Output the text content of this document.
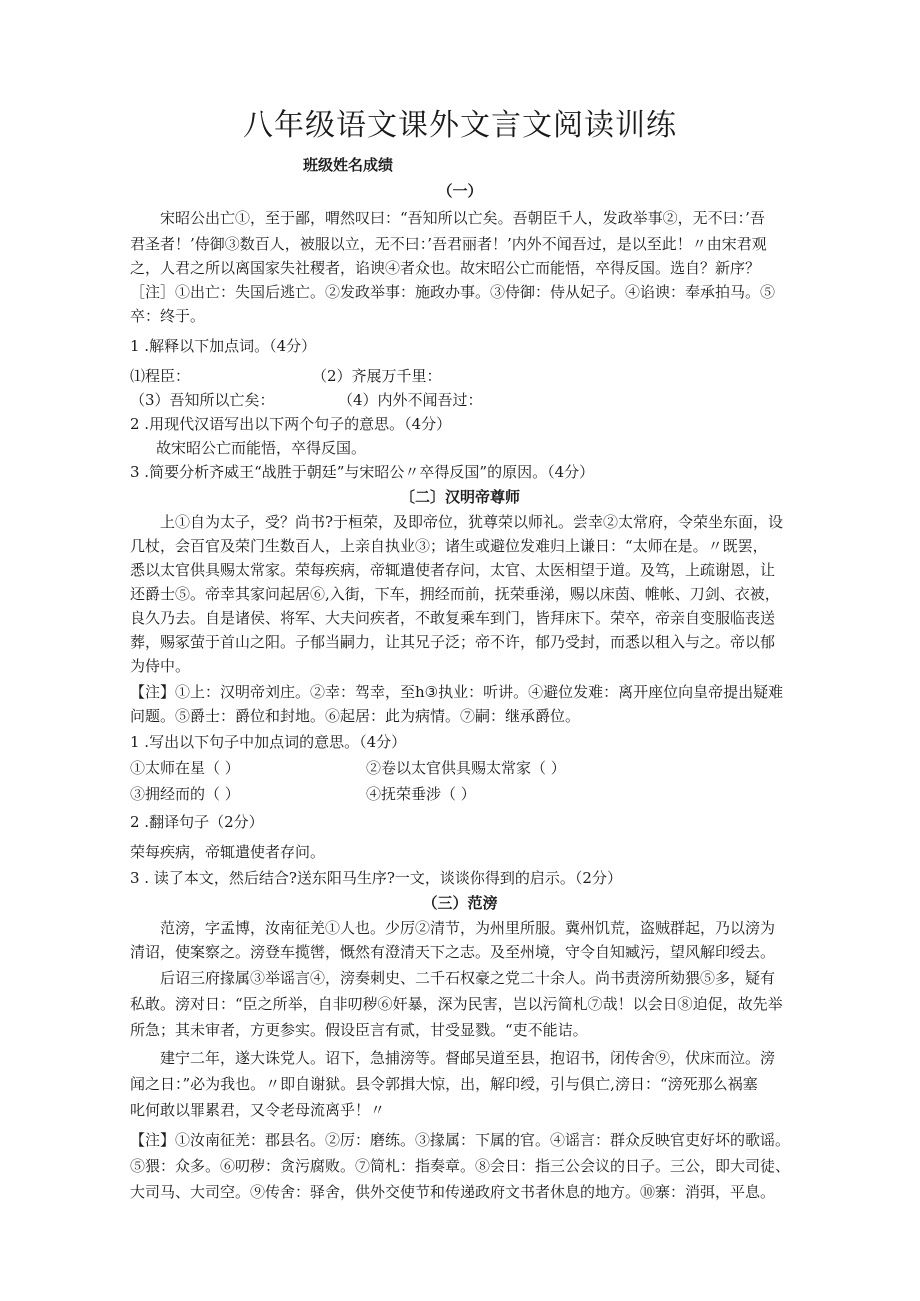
八年级语文课外文言文阅读训练
班级姓名成绩
（一）
宋昭公出亡①，至于鄙，喟然叹曰：“吾知所以亡矣。吾朝臣千人，发政举事②，无不曰：’吾
君圣者！’侍御③数百人，被服以立，无不曰：’吾君丽者！’内外不闻吾过，是以至此！〃由宋君观
之，人君之所以离国家失社稷者，谄谀④者众也。故宋昭公亡而能悟，卒得反国。选自？新序？
［注］①出亡：失国后逃亡。②发政举事：施政办事。③侍御：侍从妃子。④谄谀：奉承拍马。⑤
卒：终于。
1 .解释以下加点词。（4分）
⑴程臣：	（2）齐展万千里：
（3）吾知所以亡矣：	（4）内外不闻吾过：
2 .用现代汉语写出以下两个句子的意思。（4分）
故宋昭公亡而能悟，卒得反国。
3 .简要分析齐威王“战胜于朝廷”与宋昭公〃卒得反国”的原因。（4分）
〔二〕汉明帝尊师
上①自为太子，受？尚书?于桓荣，及即帝位，犹尊荣以师礼。尝幸②太常府，令荣坐东面，设
几杖，会百官及荣门生数百人，上亲自执业③；诸生或避位发难归上谦日：“太师在是。〃既罢，
悉以太官供具赐太常家。荣每疾病，帝辄遣使者存问，太官、太医相望于道。及笃，上疏谢恩，让
还爵士⑤。帝幸其家问起居⑥,入街，下车，拥经而前，抚荣垂涕，赐以床茵、帷帐、刀剑、衣被，
良久乃去。自是诸侯、将军、大夫问疾者，不敢复乘车到门，皆拜床下。荣卒，帝亲自变服临丧送
葬，赐冢萤于首山之阳。子郁当嗣力，让其兄子泛；帝不许，郁乃受封，而悉以租入与之。帝以郁
为侍中。
【注】①上：汉明帝刘庄。②幸：驾幸，至h③执业：听讲。④避位发难：离开座位向皇帝提出疑难
问题。⑤爵士：爵位和封地。⑥起居：此为病情。⑦嗣：继承爵位。
1 .写出以下句子中加点词的意思。（4分）
①太师在星（ ）	②卷以太官供具赐太常家（ ）
③拥经而的（ ）	④抚荣垂涉（ ）
2 .翻译句子（2分）
荣每疾病，帝辄遣使者存问。
3 . 读了本文，然后结合?送东阳马生序?一文，谈谈你得到的启示。（2分）
（三）范滂
范滂，字孟博，汝南征羌①人也。少厉②清节，为州里所服。冀州饥荒，盗贼群起，乃以滂为
清诏，使案察之。滂登车揽辔，慨然有澄清天下之志。及至州境，守令自知臧污，望风解印绶去。
后诏三府掾属③举谣言④，滂奏刺史、二千石权豪之党二十余人。尚书责滂所劾猥⑤多，疑有
私敢。滂对日：“臣之所举，自非叨秽⑥奸暴，深为民害，岂以污简札⑦哉！以会日⑧迫促，故先举
所急；其未审者，方更参实。假设臣言有贰，甘受显戮。“吏不能诘。
建宁二年，遂大诛党人。诏下，急捕滂等。督邮吴道至县，抱诏书，闭传舍⑨，伏床而泣。滂
闻之日：”必为我也。〃即自谢狱。县令郭揖大惊，出，解印绶，引与俱亡,滂日：“滂死那么祸塞
叱何敢以罪累君，又令老母流离乎！〃
【注】①汝南征羌：郡县名。②厉：磨练。③掾属：下属的官。④谣言：群众反映官吏好坏的歌谣。
⑤猥：众多。⑥叨秽：贪污腐败。⑦简札：指奏章。⑧会日：指三公会议的日子。三公，即大司徒、
大司马、大司空。⑨传舍：驿舍，供外交使节和传递政府文书者休息的地方。⑩寨：消弭，平息。
